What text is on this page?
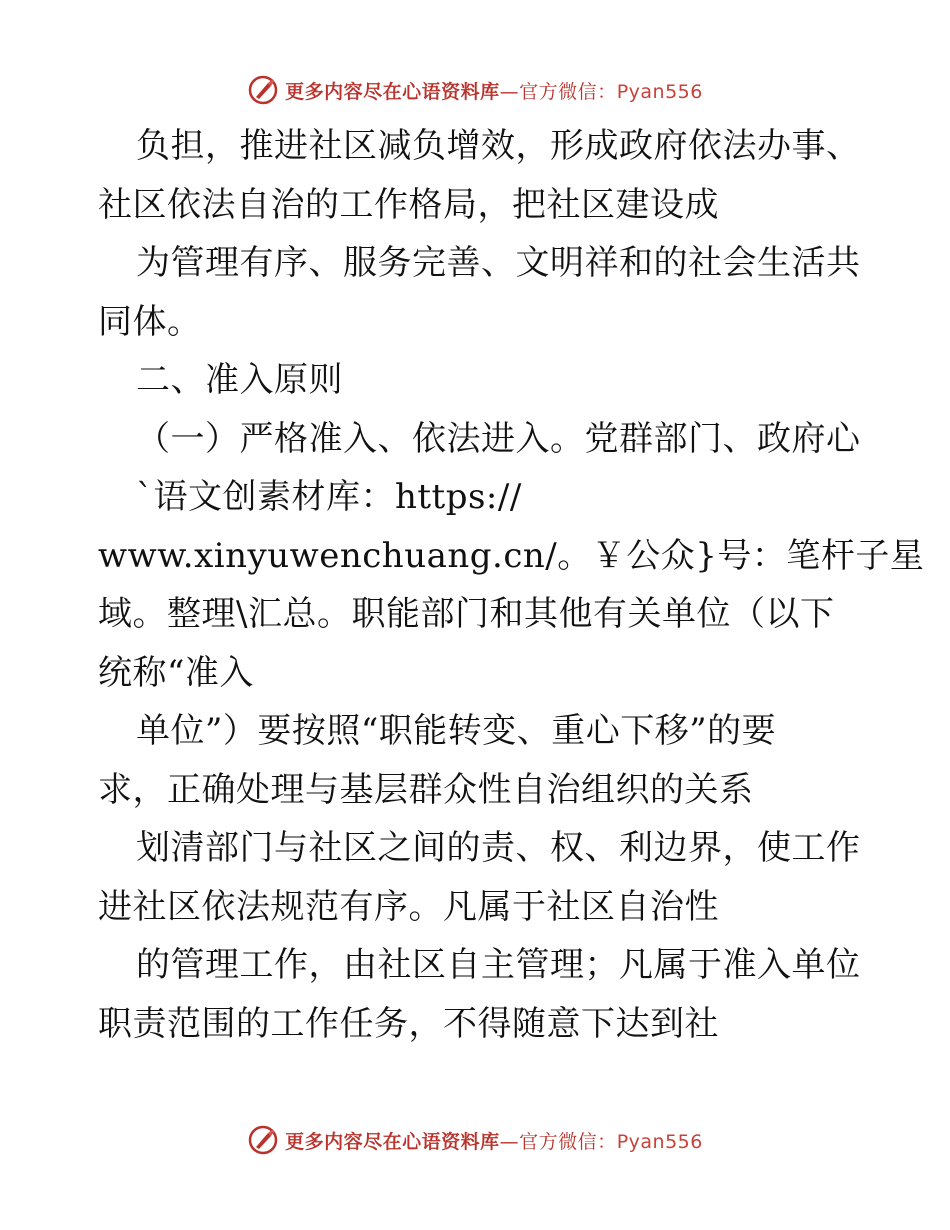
更多内容尽在心语资料库—官方微信：Pyan556
负担，推进社区减负增效，形成政府依法办事、
社区依法自治的工作格局，把社区建设成
为管理有序、服务完善、文明祥和的社会生活共
同体。
二、准入原则
（一）严格准入、依法进入。党群部门、政府心
`语文创素材库：https://
www.xinyuwenchuang.cn/。￥公众}号：笔杆子星
域。整理\汇总。职能部门和其他有关单位（以下
统称“准入
单位”）要按照“职能转变、重心下移”的要
求，正确处理与基层群众性自治组织的关系
划清部门与社区之间的责、权、利边界，使工作
进社区依法规范有序。凡属于社区自治性
的管理工作，由社区自主管理；凡属于准入单位
职责范围的工作任务，不得随意下达到社
更多内容尽在心语资料库—官方微信：Pyan556
